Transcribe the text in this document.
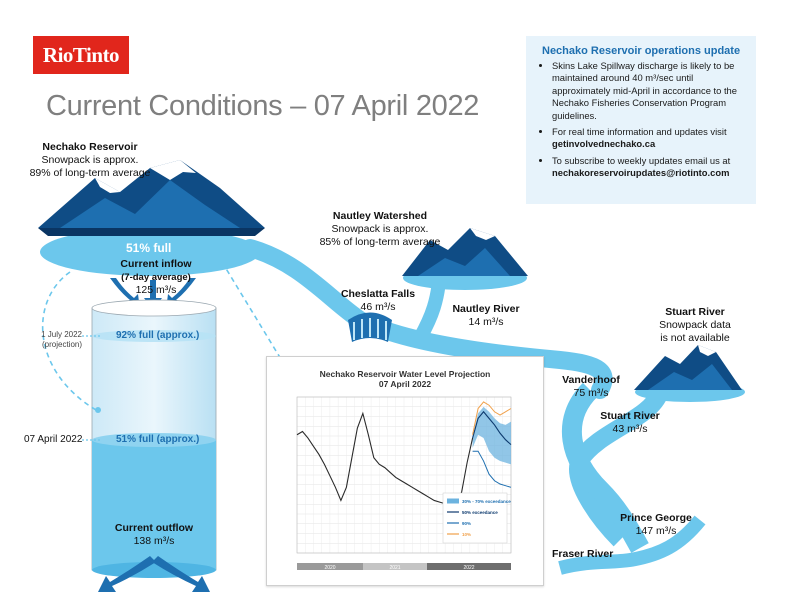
RioTinto
Current Conditions – 07 April 2022
Nechako Reservoir
Snowpack is approx.
89% of long-term average
51% full
Current inflow
(7-day average)
125 m³/s
1 July 2022
(projection)
92% full (approx.)
07 April 2022	51% full (approx.)
Current outflow
138 m³/s
Nautley Watershed
Snowpack is approx.
85% of long-term average
Cheslatta Falls
46 m³/s	Nautley River
14 m³/s
Stuart River
Snowpack data
is not available
Vanderhoof
75 m³/s
Stuart River
43 m³/s
Prince George
147 m³/s
Fraser River
Nechako Reservoir operations update
• Skins Lake Spillway discharge is likely to be maintained around 40 m³/sec until approximately mid-April in accordance to the Nechako Fisheries Conservation Program guidelines.
• For real time information and updates visit getinvolvednechako.ca
• To subscribe to weekly updates email us at nechakoreservoirupdates@riotinto.com
Nechako Reservoir Water Level Projection
07 April 2022
30% - 70% exceedance
50% exceedance
90%
10%
2020	2021	2022
